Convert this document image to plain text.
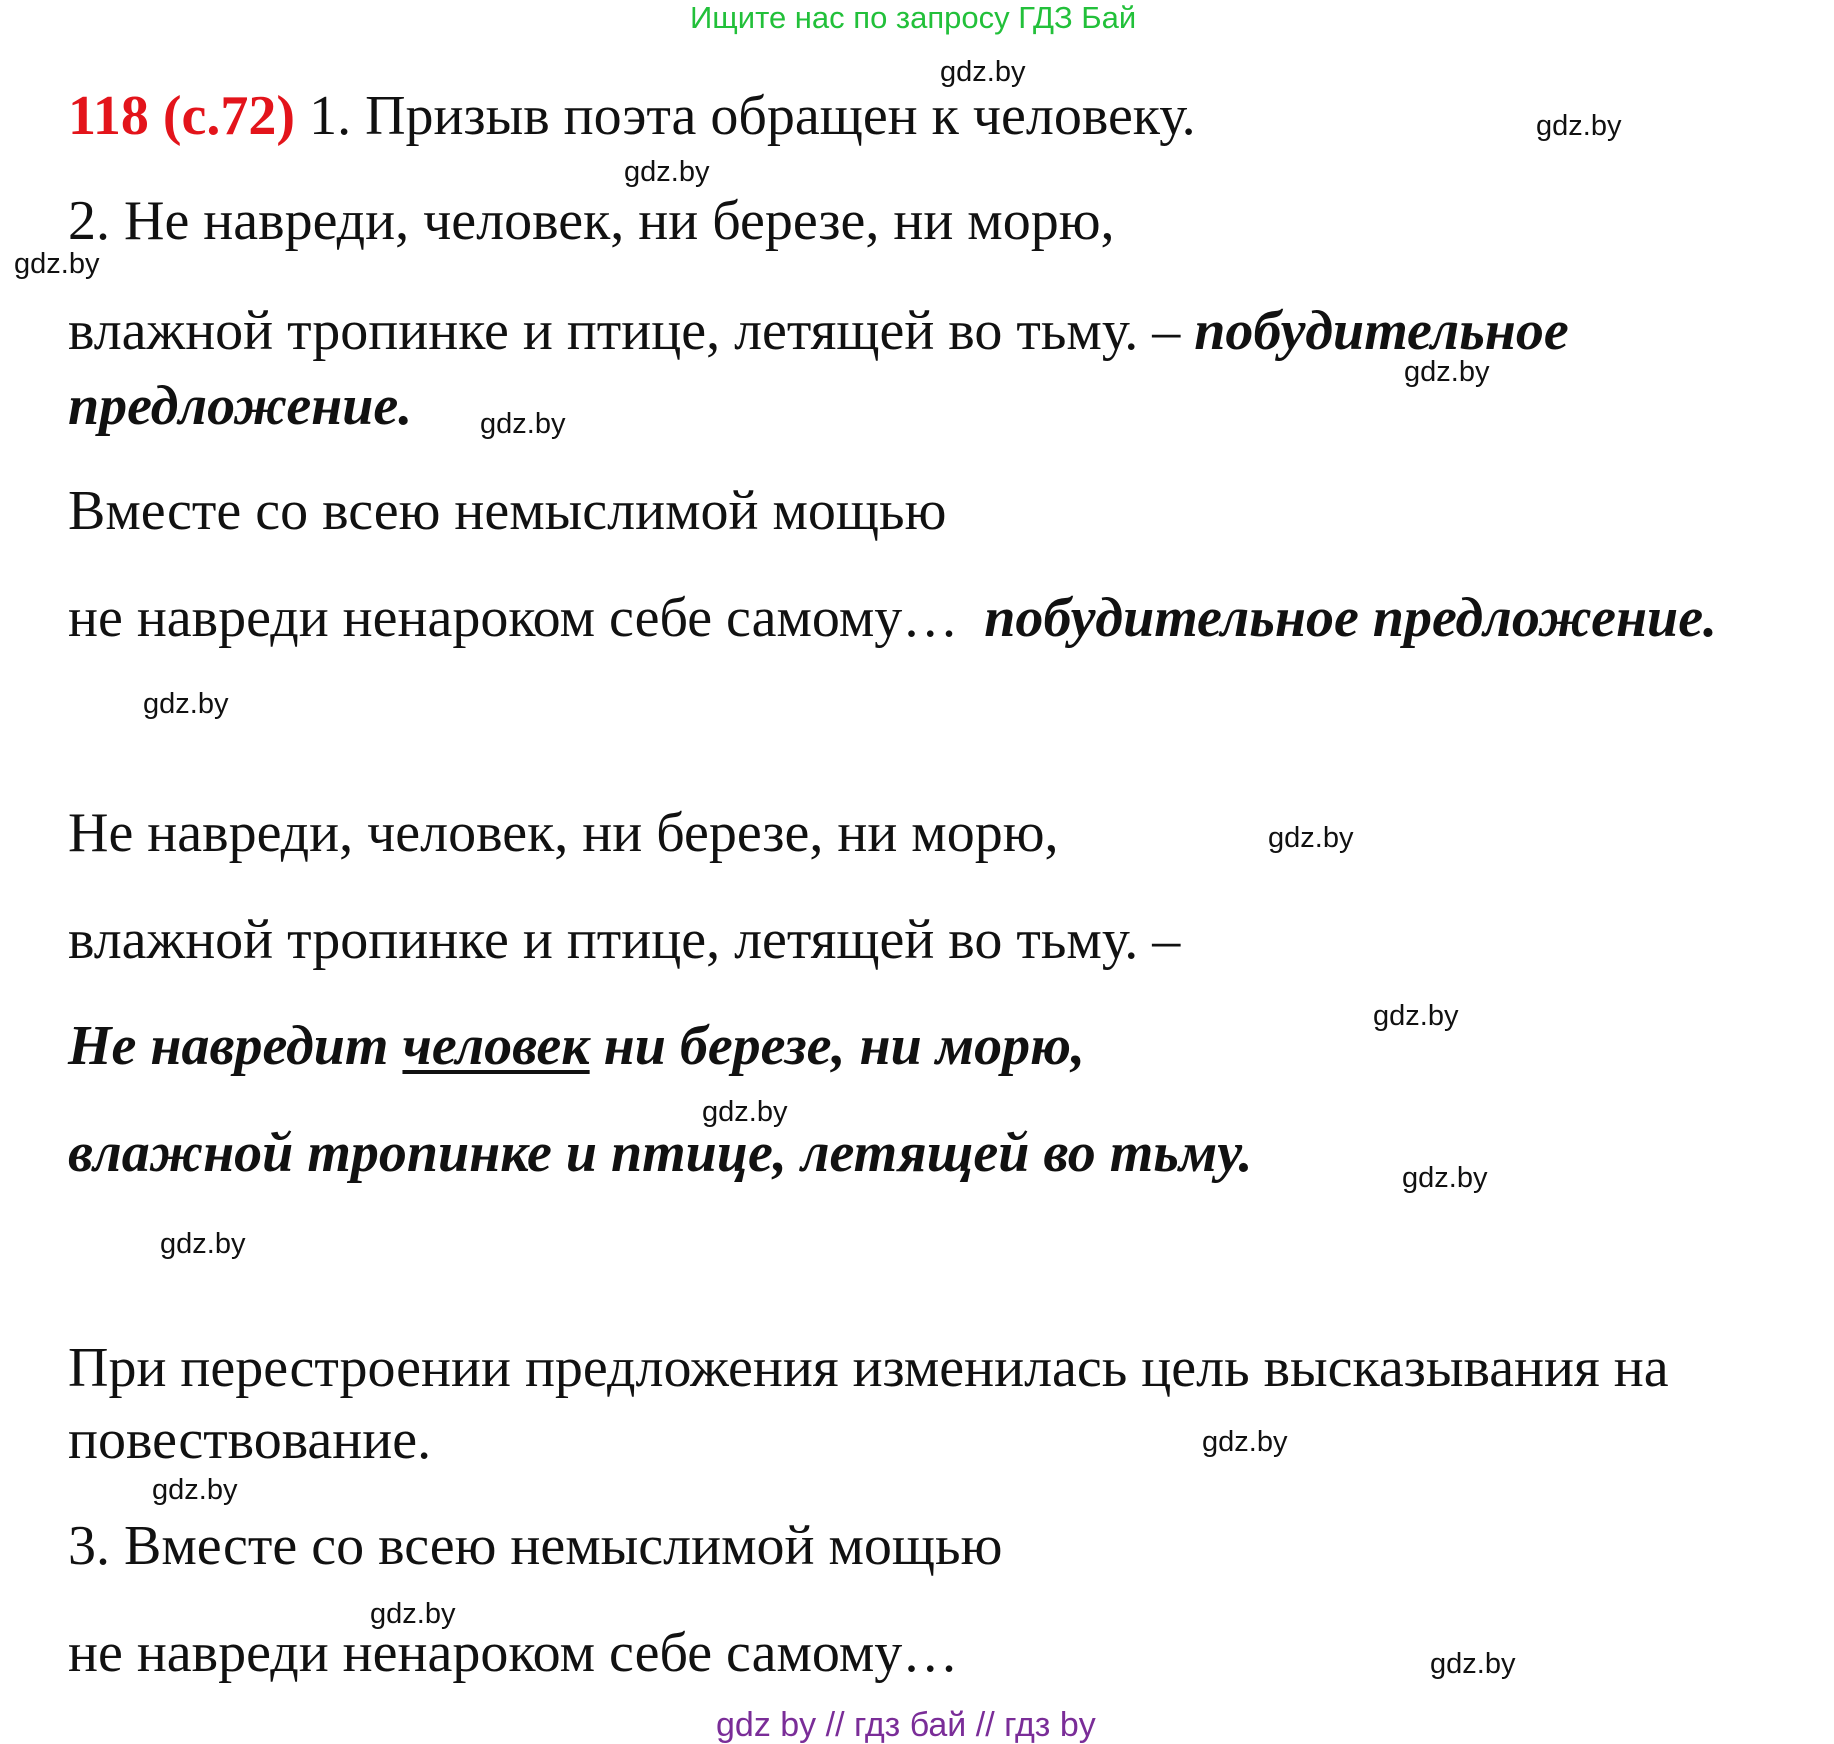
Ищите нас по запросу ГДЗ Бай
118 (с.72) 1. Призыв поэта обращен к человеку.
2. Не навреди, человек, ни березе, ни морю,
влажной тропинке и птице, летящей во тьму. – побудительное
предложение.
Вместе со всею немыслимой мощью
не навреди ненароком себе самому… побудительное предложение.
Не навреди, человек, ни березе, ни морю,
влажной тропинке и птице, летящей во тьму. –
Не навредит человек ни березе, ни морю,
влажной тропинке и птице, летящей во тьму.
При перестроении предложения изменилась цель высказывания на
повествование.
3. Вместе со всею немыслимой мощью
не навреди ненароком себе самому…
gdz.by
gdz.by
gdz.by
gdz.by
gdz.by
gdz.by
gdz.by
gdz.by
gdz.by
gdz.by
gdz.by
gdz.by
gdz.by
gdz.by
gdz.by
gdz.by
gdz by // гдз бай // гдз by
